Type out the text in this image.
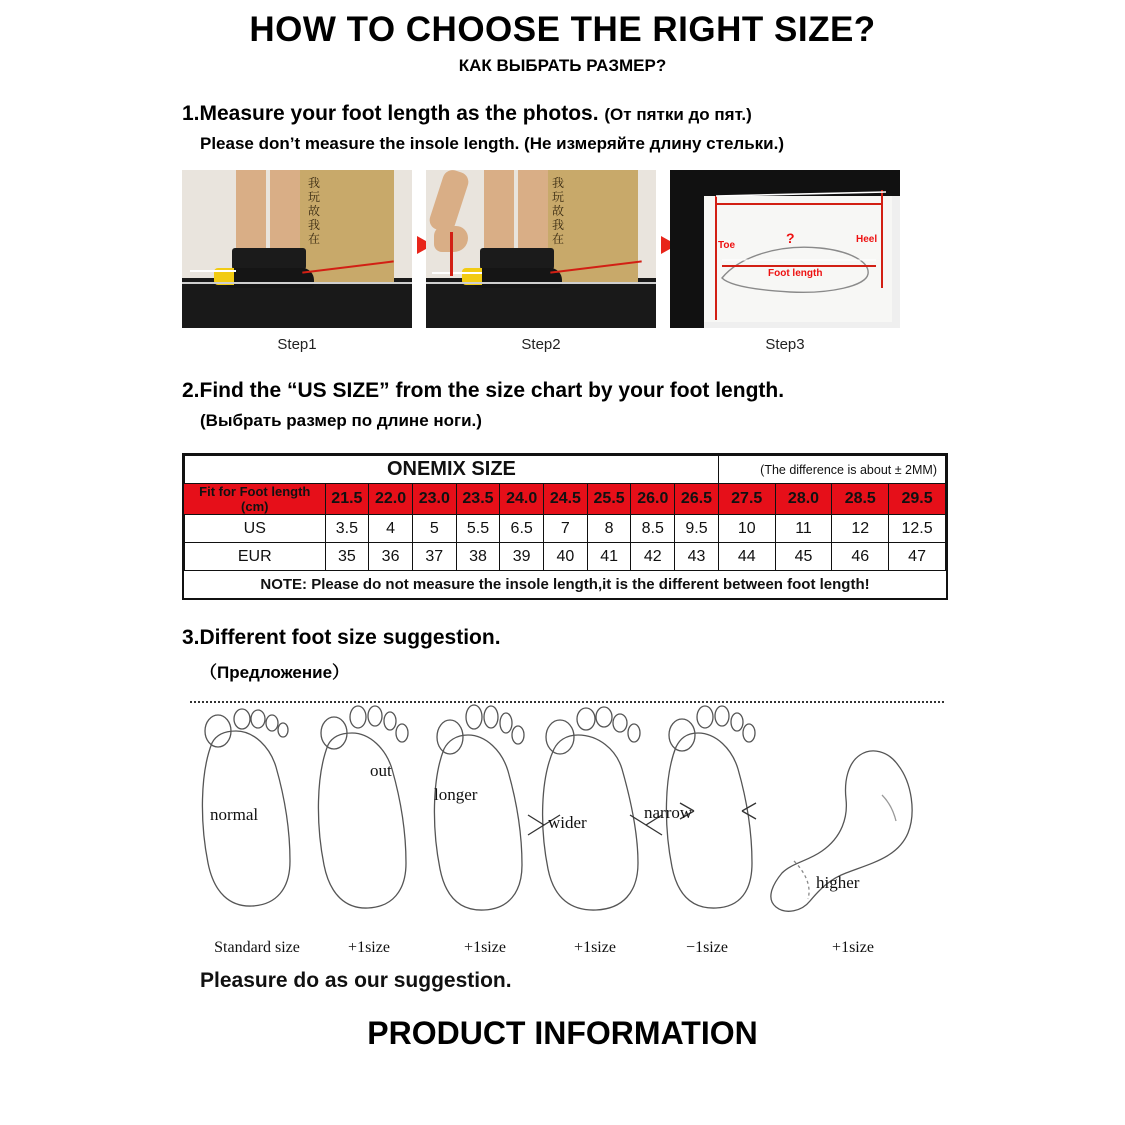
HOW TO CHOOSE THE RIGHT SIZE?
КАК ВЫБРАТЬ РАЗМЕР?
1.Measure your foot length as the photos. (От пятки до пят.)
Please don’t measure the insole length. (Не измеряйте длину стельки.)
我
玩
故
我
在
Step1
我
玩
故
我
在
Step2
Toe
Heel
?
Foot length
Step3
2.Find the “US SIZE” from the size chart by your foot length.
(Выбрать размер по длине ноги.)
ONEMIX SIZE										(The difference is about ± 2MM)			
Fit for Foot length
(cm)	21.5	22.0	23.0	23.5	24.0	24.5	25.5	26.0	26.5	27.5	28.0	28.5	29.5
US	3.5	4	5	5.5	6.5	7	8	8.5	9.5	10	11	12	12.5
EUR	35	36	37	38	39	40	41	42	43	44	45	46	47
NOTE: Please do not measure the insole length,it is the different between foot length!													
3.Different foot size suggestion.
（Предложение）
normal
out
longer
wider
narrow
higher
Standard size	+1size	+1size	+1size	−1size	+1size
Pleasure do as our suggestion.
PRODUCT INFORMATION
